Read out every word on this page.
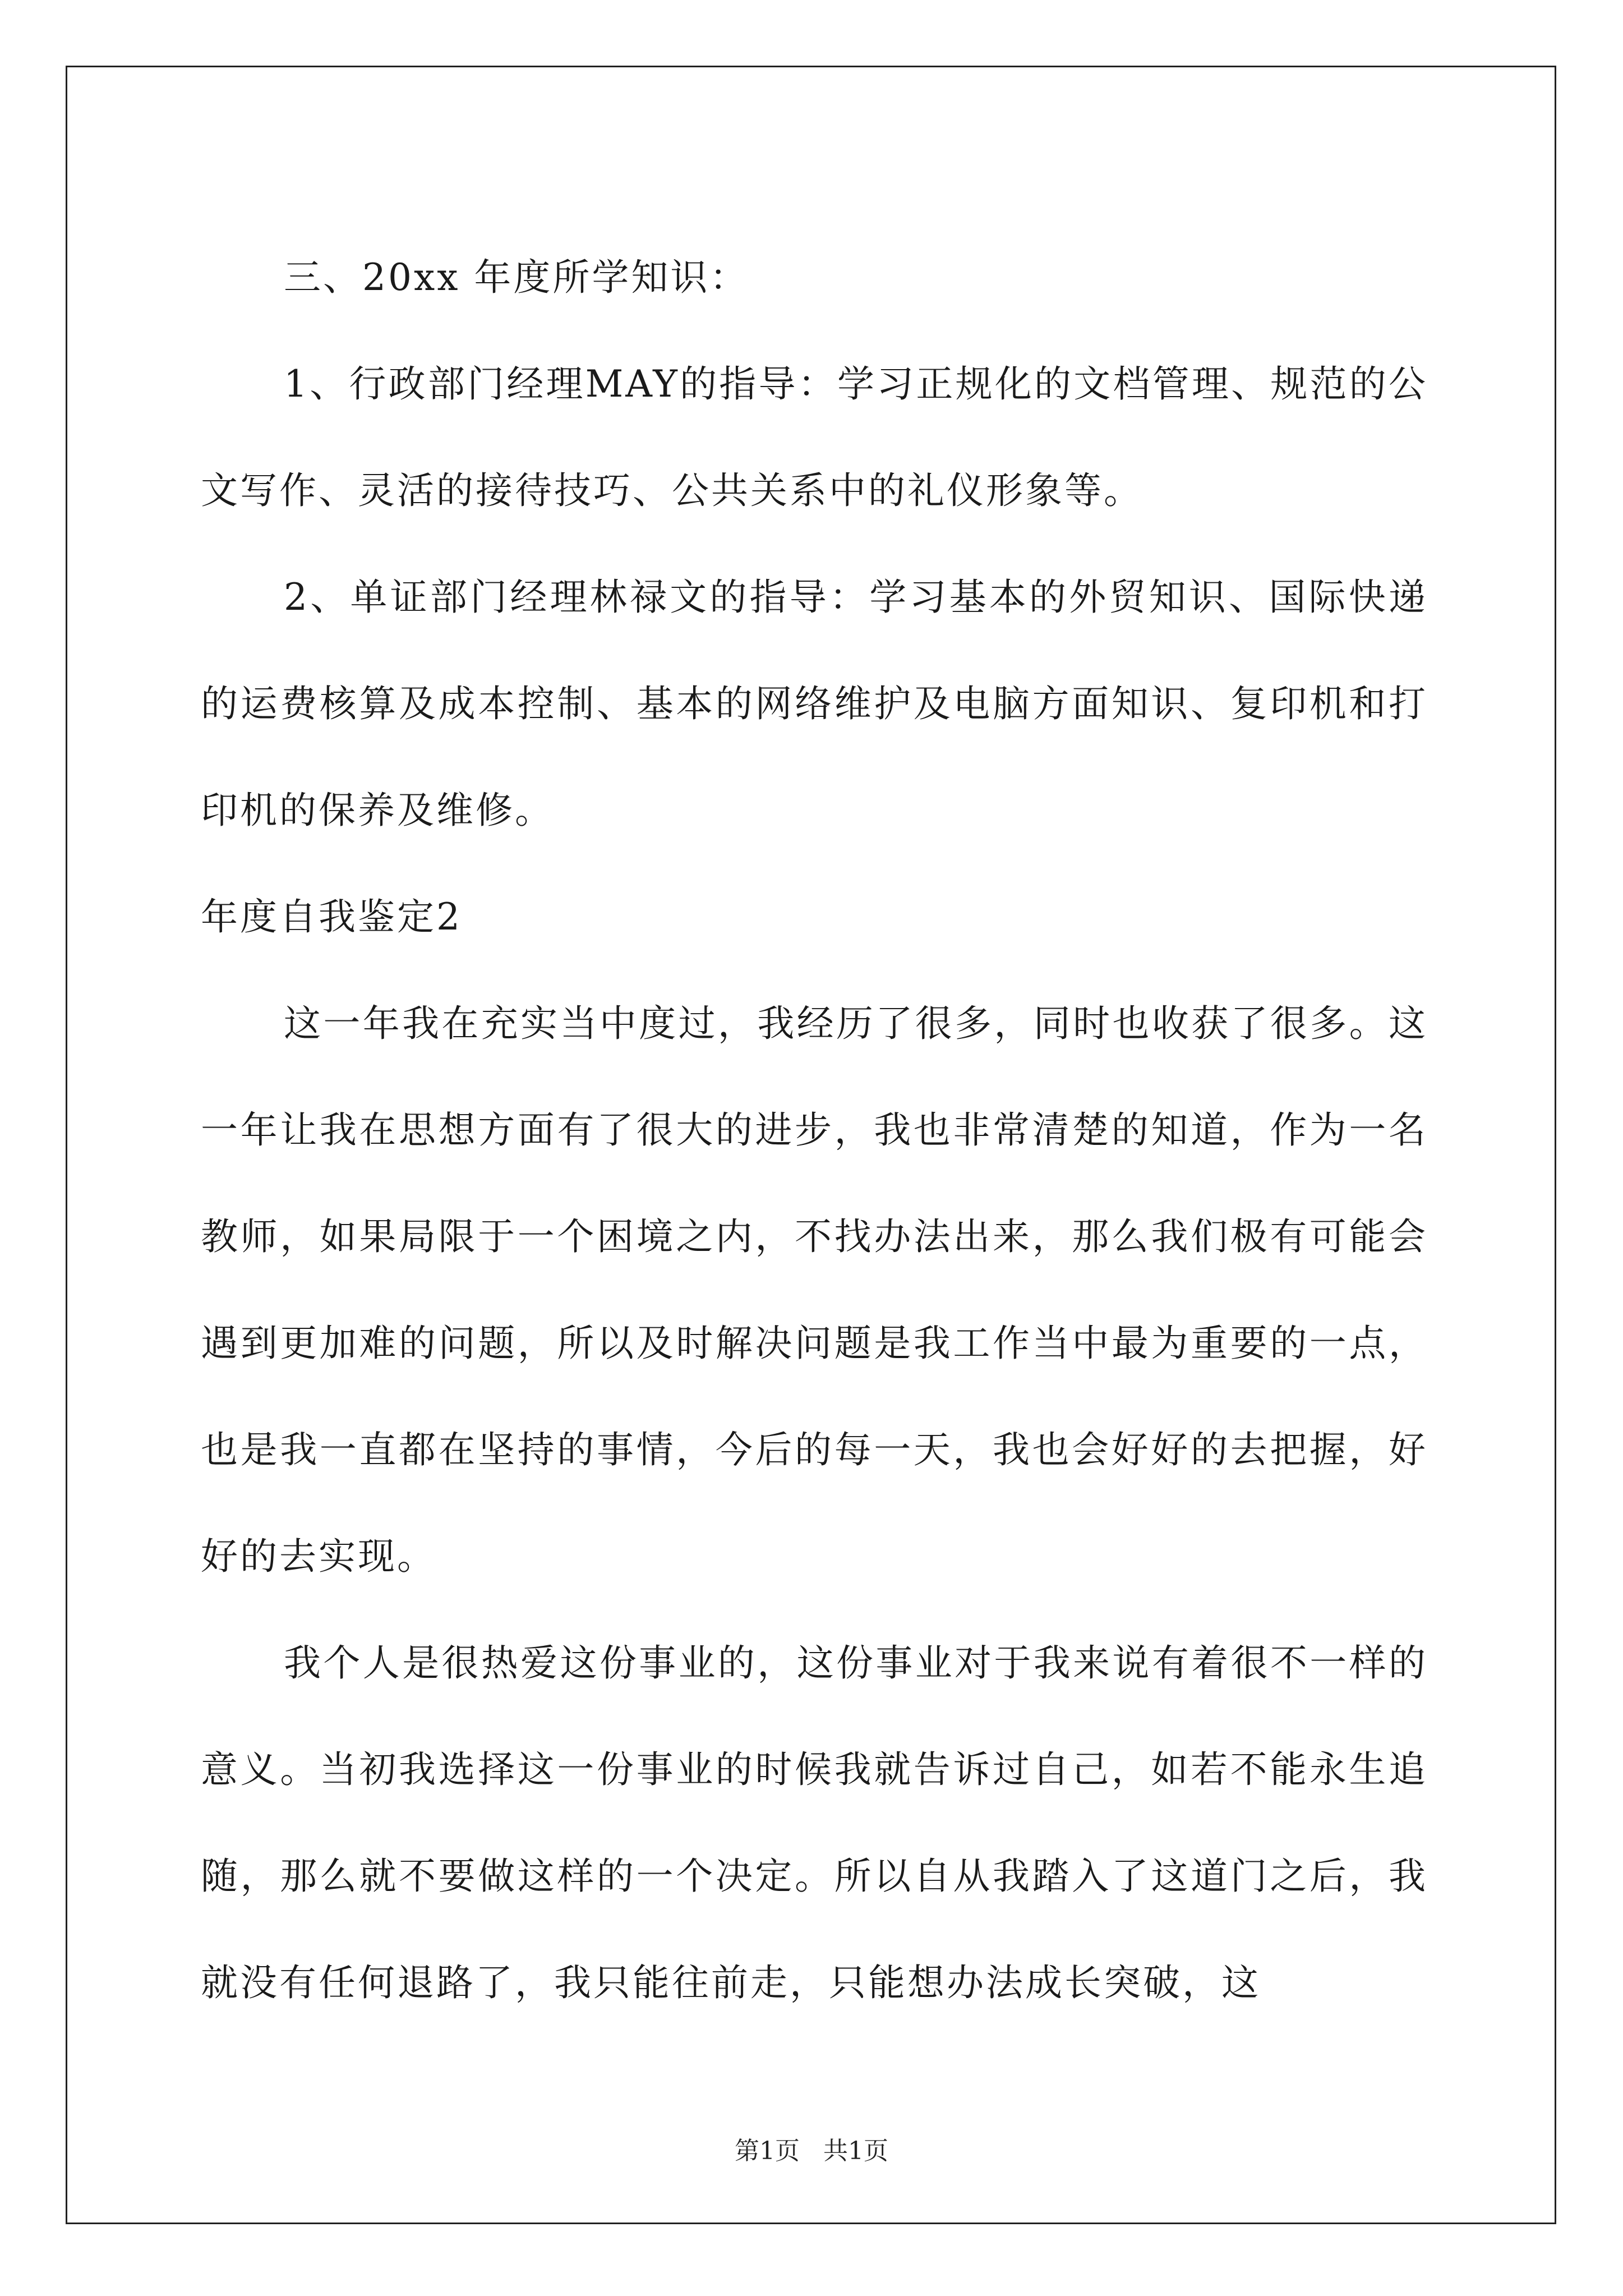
三、20xx 年度所学知识：

1、行政部门经理MAY的指导：学习正规化的文档管理、规范的公文写作、灵活的接待技巧、公共关系中的礼仪形象等。

2、单证部门经理林禄文的指导：学习基本的外贸知识、国际快递的运费核算及成本控制、基本的网络维护及电脑方面知识、复印机和打印机的保养及维修。

年度自我鉴定2

这一年我在充实当中度过，我经历了很多，同时也收获了很多。这一年让我在思想方面有了很大的进步，我也非常清楚的知道，作为一名教师，如果局限于一个困境之内，不找办法出来，那么我们极有可能会遇到更加难的问题，所以及时解决问题是我工作当中最为重要的一点，也是我一直都在坚持的事情，今后的每一天，我也会好好的去把握，好好的去实现。

我个人是很热爱这份事业的，这份事业对于我来说有着很不一样的意义。当初我选择这一份事业的时候我就告诉过自己，如若不能永生追随，那么就不要做这样的一个决定。所以自从我踏入了这道门之后，我就没有任何退路了，我只能往前走，只能想办法成长突破，这

第1页 共1页
